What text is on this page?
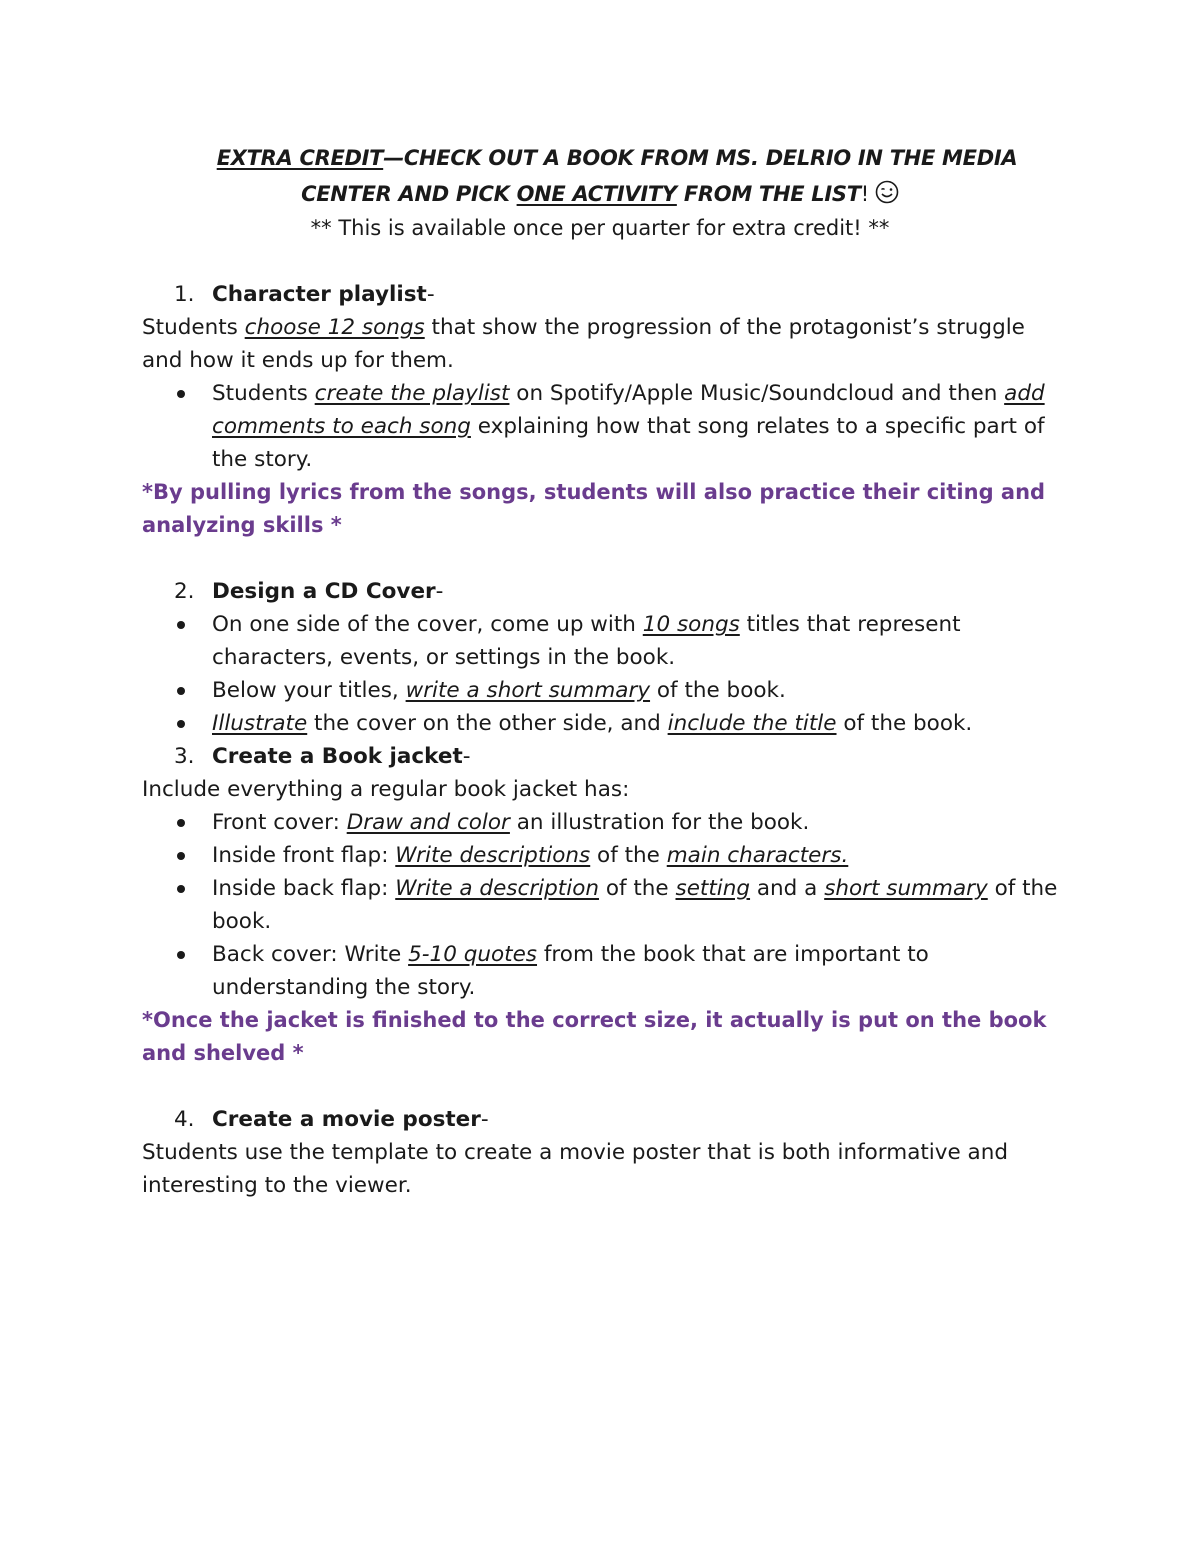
EXTRA CREDIT—CHECK OUT A BOOK FROM MS. DELRIO IN THE MEDIA
CENTER AND PICK ONE ACTIVITY FROM THE LIST!
** This is available once per quarter for extra credit! **
1. Character playlist-

Students choose 12 songs that show the progression of the protagonist’s struggle and how it ends up for them.

Students create the playlist on Spotify/Apple Music/Soundcloud and then add comments to each song explaining how that song relates to a specific part of the story.
*By pulling lyrics from the songs, students will also practice their citing and analyzing skills *
2. Design a CD Cover-
On one side of the cover, come up with 10 songs titles that represent characters, events, or settings in the book.
Below your titles, write a short summary of the book.
Illustrate the cover on the other side, and include the title of the book.
3. Create a Book jacket-

Include everything a regular book jacket has:

Front cover: Draw and color an illustration for the book.
Inside front flap: Write descriptions of the main characters.
Inside back flap: Write a description of the setting and a short summary of the book.
Back cover: Write 5-10 quotes from the book that are important to understanding the story.
*Once the jacket is finished to the correct size, it actually is put on the book and shelved *
4. Create a movie poster-

Students use the template to create a movie poster that is both informative and interesting to the viewer.
